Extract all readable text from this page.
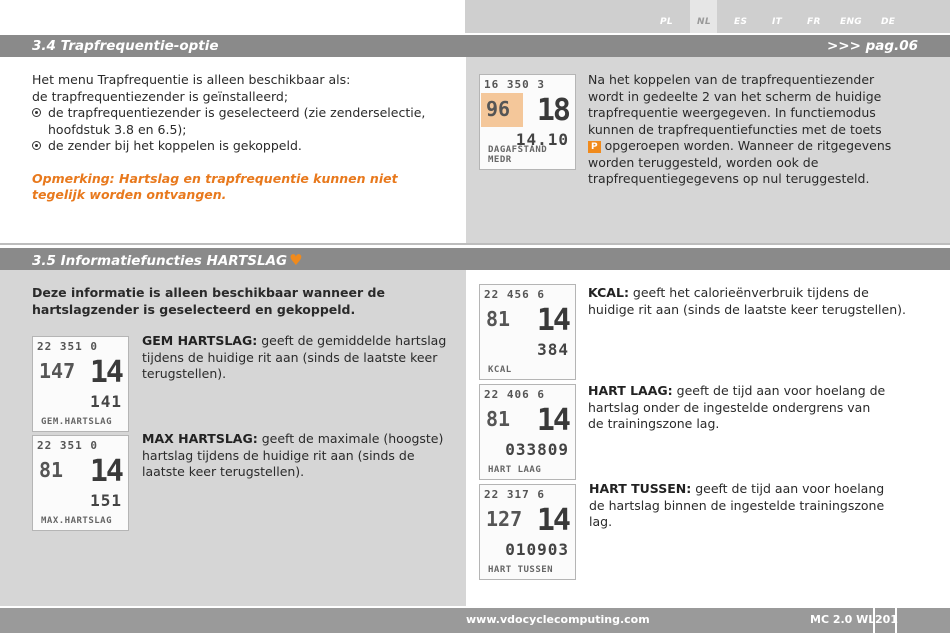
PL	NL	ES	IT	FR ENG DE
3.4 Trapfrequentie-optie	>>> pag.06
Het menu Trapfrequentie is alleen beschikbaar als:
de trapfrequentiezender is geïnstalleerd;
de trapfrequentiezender is geselecteerd (zie zenderselectie, hoofdstuk 3.8 en 6.5);
de zender bij het koppelen is gekoppeld.
Opmerking: Hartslag en trapfrequentie kunnen niet tegelijk worden ontvangen.
16 350 3
96 18
14.10
DAGAFSTAND MEDR
Na het koppelen van de trapfrequentiezender wordt in gedeelte 2 van het scherm de huidige trapfrequentie weergegeven. In functiemodus kunnen de trapfrequentiefuncties met de toets P opgeroepen worden. Wanneer de ritgegevens worden teruggesteld, worden ook de trapfrequentiegegevens op nul teruggesteld.
3.5 Informatiefuncties HARTSLAG ♥
Deze informatie is alleen beschikbaar wanneer de hartslagzender is geselecteerd en gekoppeld.
22 351 0
147 14
141
GEM.HARTSLAG
22 351 0
81 14
151
MAX.HARTSLAG
22 456 6
81 14
384
KCAL
22 406 6
81 14
033809
HART LAAG
22 317 6
127 14
010903
HART TUSSEN
GEM HARTSLAG: geeft de gemiddelde hartslag tijdens de huidige rit aan (sinds de laatste keer terugstellen).
MAX HARTSLAG: geeft de maximale (hoogste) hartslag tijdens de huidige rit aan (sinds de laatste keer terugstellen).
KCAL: geeft het calorieënverbruik tijdens de huidige rit aan (sinds de laatste keer terugstellen).
HART LAAG: geeft de tijd aan voor hoelang de hartslag onder de ingestelde ondergrens van de trainingszone lag.
HART TUSSEN: geeft de tijd aan voor hoelang de hartslag binnen de ingestelde trainingszone lag.
www.vdocyclecomputing.com	MC 2.0 WL 201
